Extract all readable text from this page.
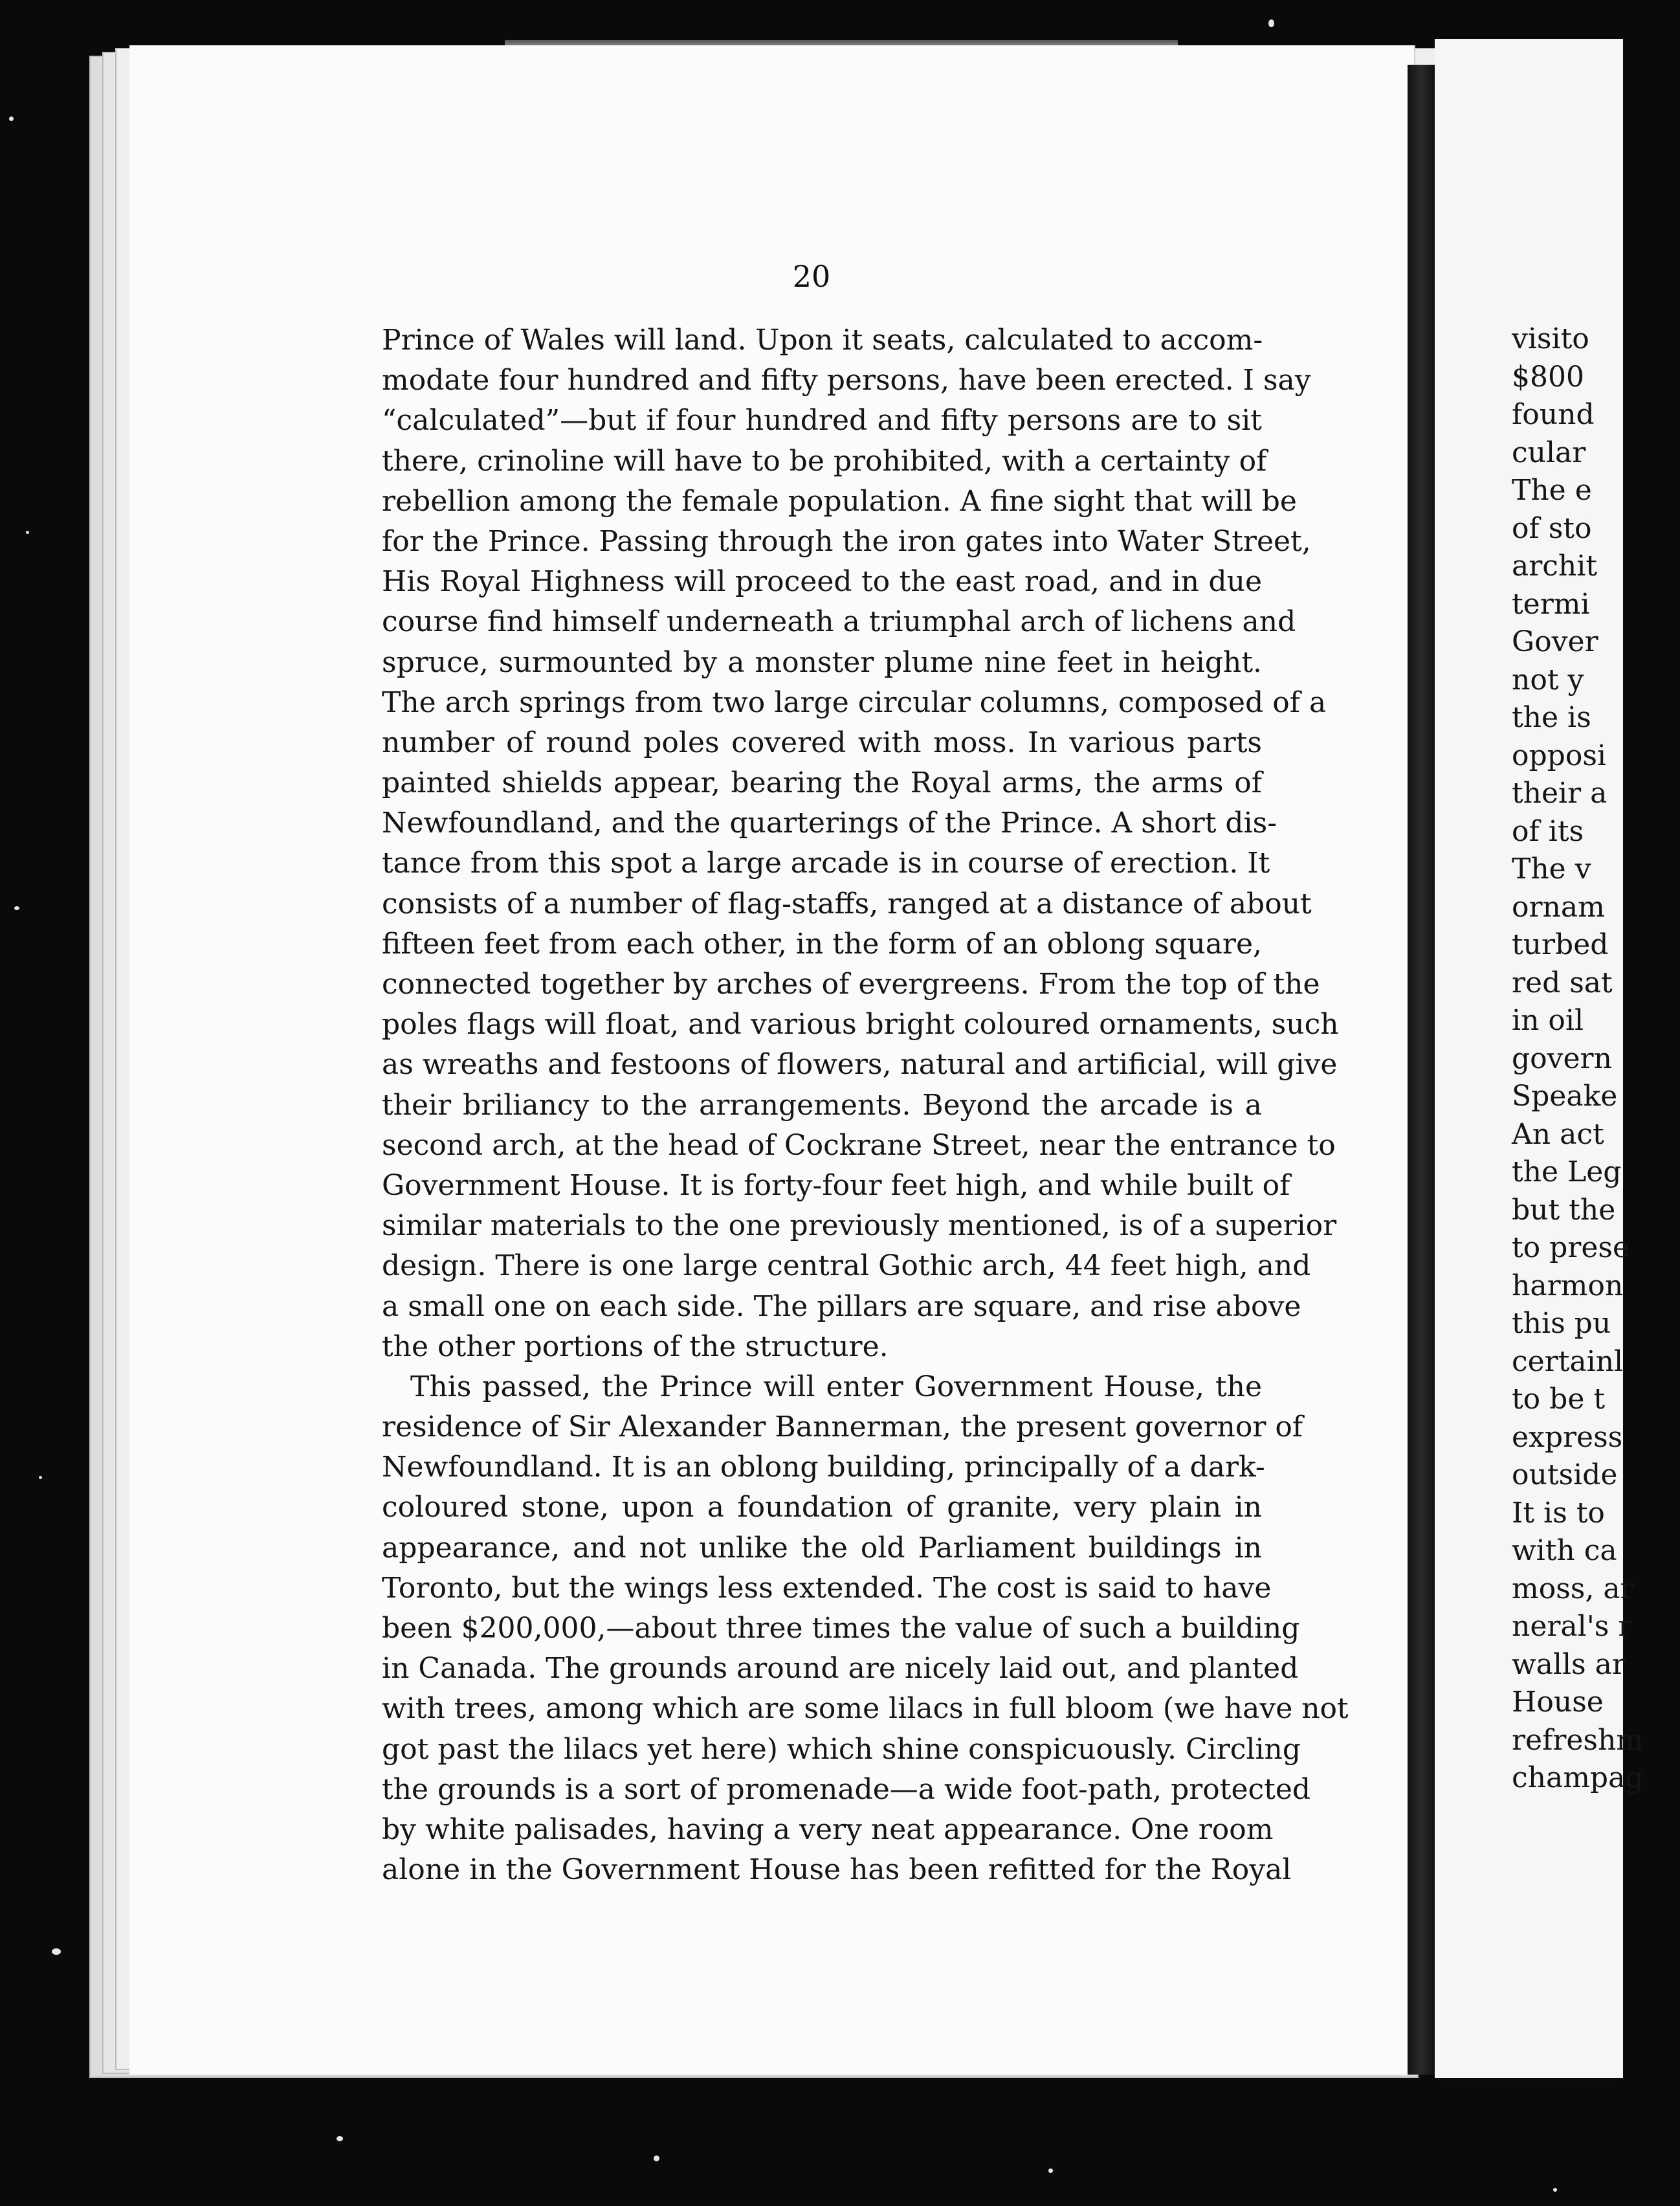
20
Prince of Wales will land. Upon it seats, calculated to accom-
modate four hundred and fifty persons, have been erected. I say
“calculated”—but if four hundred and fifty persons are to sit
there, crinoline will have to be prohibited, with a certainty of
rebellion among the female population. A fine sight that will be
for the Prince. Passing through the iron gates into Water Street,
His Royal Highness will proceed to the east road, and in due
course find himself underneath a triumphal arch of lichens and
spruce, surmounted by a monster plume nine feet in height.
The arch springs from two large circular columns, composed of a
number of round poles covered with moss. In various parts
painted shields appear, bearing the Royal arms, the arms of
Newfoundland, and the quarterings of the Prince. A short dis-
tance from this spot a large arcade is in course of erection. It
consists of a number of flag-staffs, ranged at a distance of about
fifteen feet from each other, in the form of an oblong square,
connected together by arches of evergreens. From the top of the
poles flags will float, and various bright coloured ornaments, such
as wreaths and festoons of flowers, natural and artificial, will give
their briliancy to the arrangements. Beyond the arcade is a
second arch, at the head of Cockrane Street, near the entrance to
Government House. It is forty-four feet high, and while built of
similar materials to the one previously mentioned, is of a superior
design. There is one large central Gothic arch, 44 feet high, and
a small one on each side. The pillars are square, and rise above
the other portions of the structure.
This passed, the Prince will enter Government House, the
residence of Sir Alexander Bannerman, the present governor of
Newfoundland. It is an oblong building, principally of a dark-
coloured stone, upon a foundation of granite, very plain in
appearance, and not unlike the old Parliament buildings in
Toronto, but the wings less extended. The cost is said to have
been $200,000,—about three times the value of such a building
in Canada. The grounds around are nicely laid out, and planted
with trees, among which are some lilacs in full bloom (we have not
got past the lilacs yet here) which shine conspicuously. Circling
the grounds is a sort of promenade—a wide foot-path, protected
by white palisades, having a very neat appearance. One room
alone in the Government House has been refitted for the Royal
visito
$800
found
cular
The e
of sto
archit
termi
Gover
not y
the is
opposi
their a
of its
The v
ornam
turbed
red sat
in oil
govern
Speake
An act
the Leg
but the
to prese
harmon
this pu
certainl
to be t
express
outside
It is to
with ca
moss, ar
neral's r
walls ar
House
refreshm
champag
